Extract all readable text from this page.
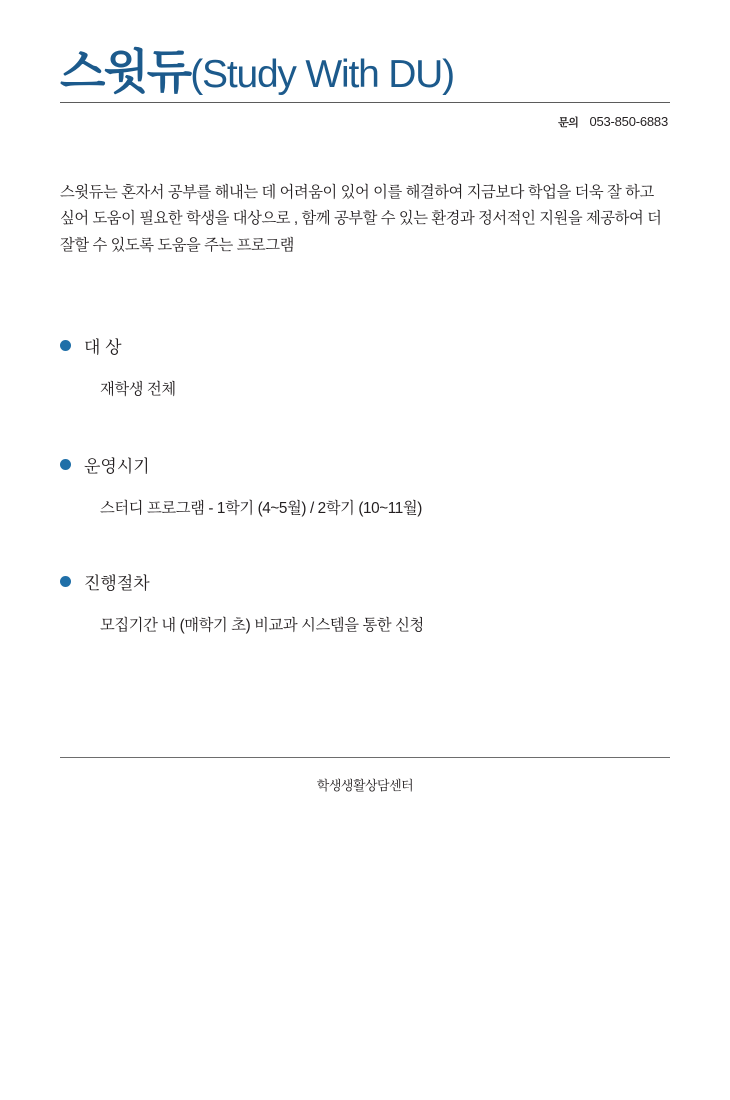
스윗듀 (Study With DU)
문의 053-850-6883

스윗듀는 혼자서 공부를 해내는 데 어려움이 있어 이를 해결하여 지금보다 학업을 더욱 잘 하고 싶어 도움이 필요한 학생을 대상으로 , 함께 공부할 수 있는 환경과 정서적인 지원을 제공하여 더 잘할 수 있도록 도움을 주는 프로그램

대 상
재학생 전체
운영시기
스터디 프로그램 - 1학기 (4~5월) / 2학기 (10~11월)
진행절차
모집기간 내 (매학기 초) 비교과 시스템을 통한 신청
학생생활상담센터
